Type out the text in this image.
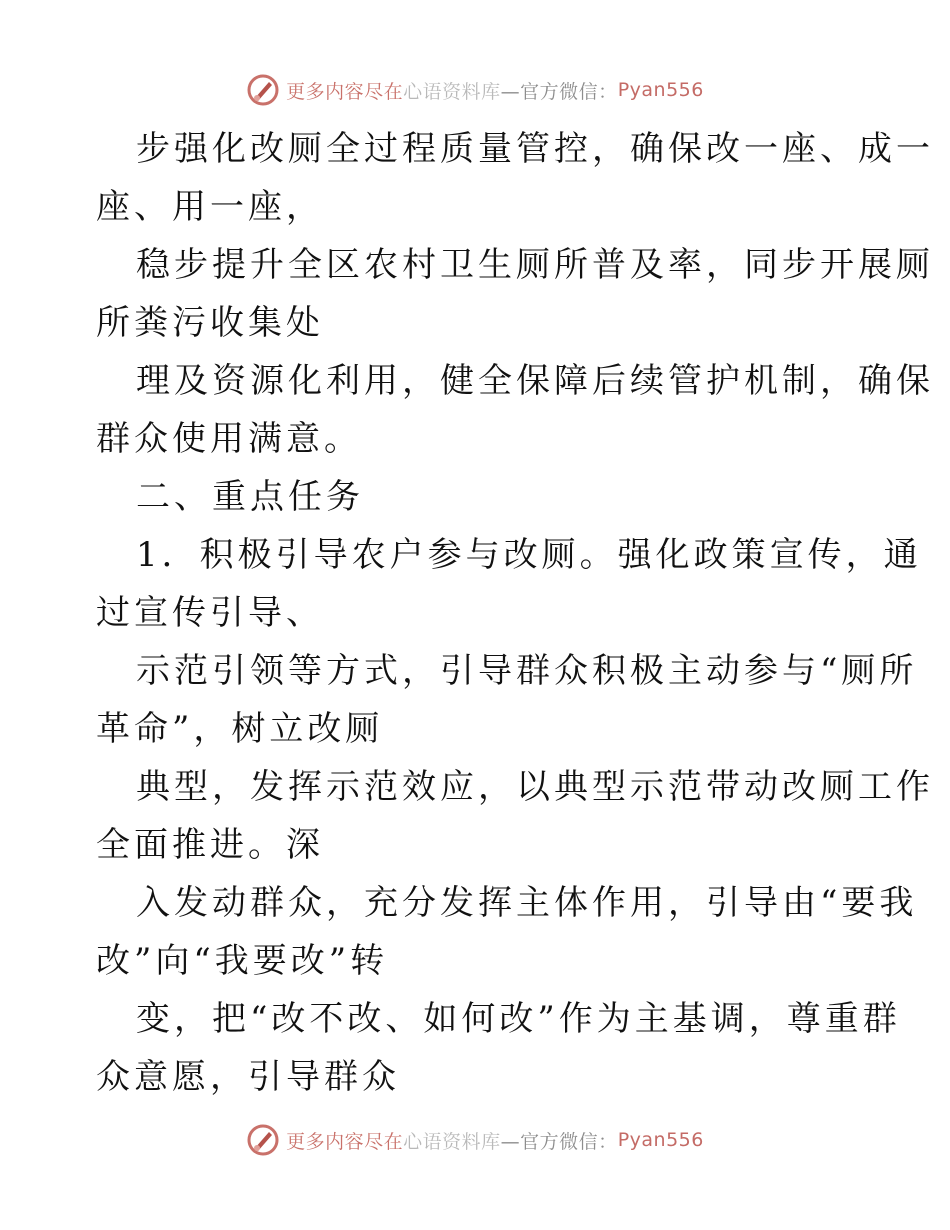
更多内容尽在 心语资料库 —官方微信： Pyan556
步强化改厕全过程质量管控，确保改一座、成一
座、用一座，
稳步提升全区农村卫生厕所普及率，同步开展厕
所粪污收集处
理及资源化利用，健全保障后续管护机制，确保
群众使用满意。
二、重点任务
1．积极引导农户参与改厕。强化政策宣传，通
过宣传引导、
示范引领等方式，引导群众积极主动参与“厕所
革命”，树立改厕
典型，发挥示范效应，以典型示范带动改厕工作
全面推进。深
入发动群众，充分发挥主体作用，引导由“要我
改”向“我要改”转
变，把“改不改、如何改”作为主基调，尊重群
众意愿，引导群众
更多内容尽在 心语资料库 —官方微信： Pyan556
